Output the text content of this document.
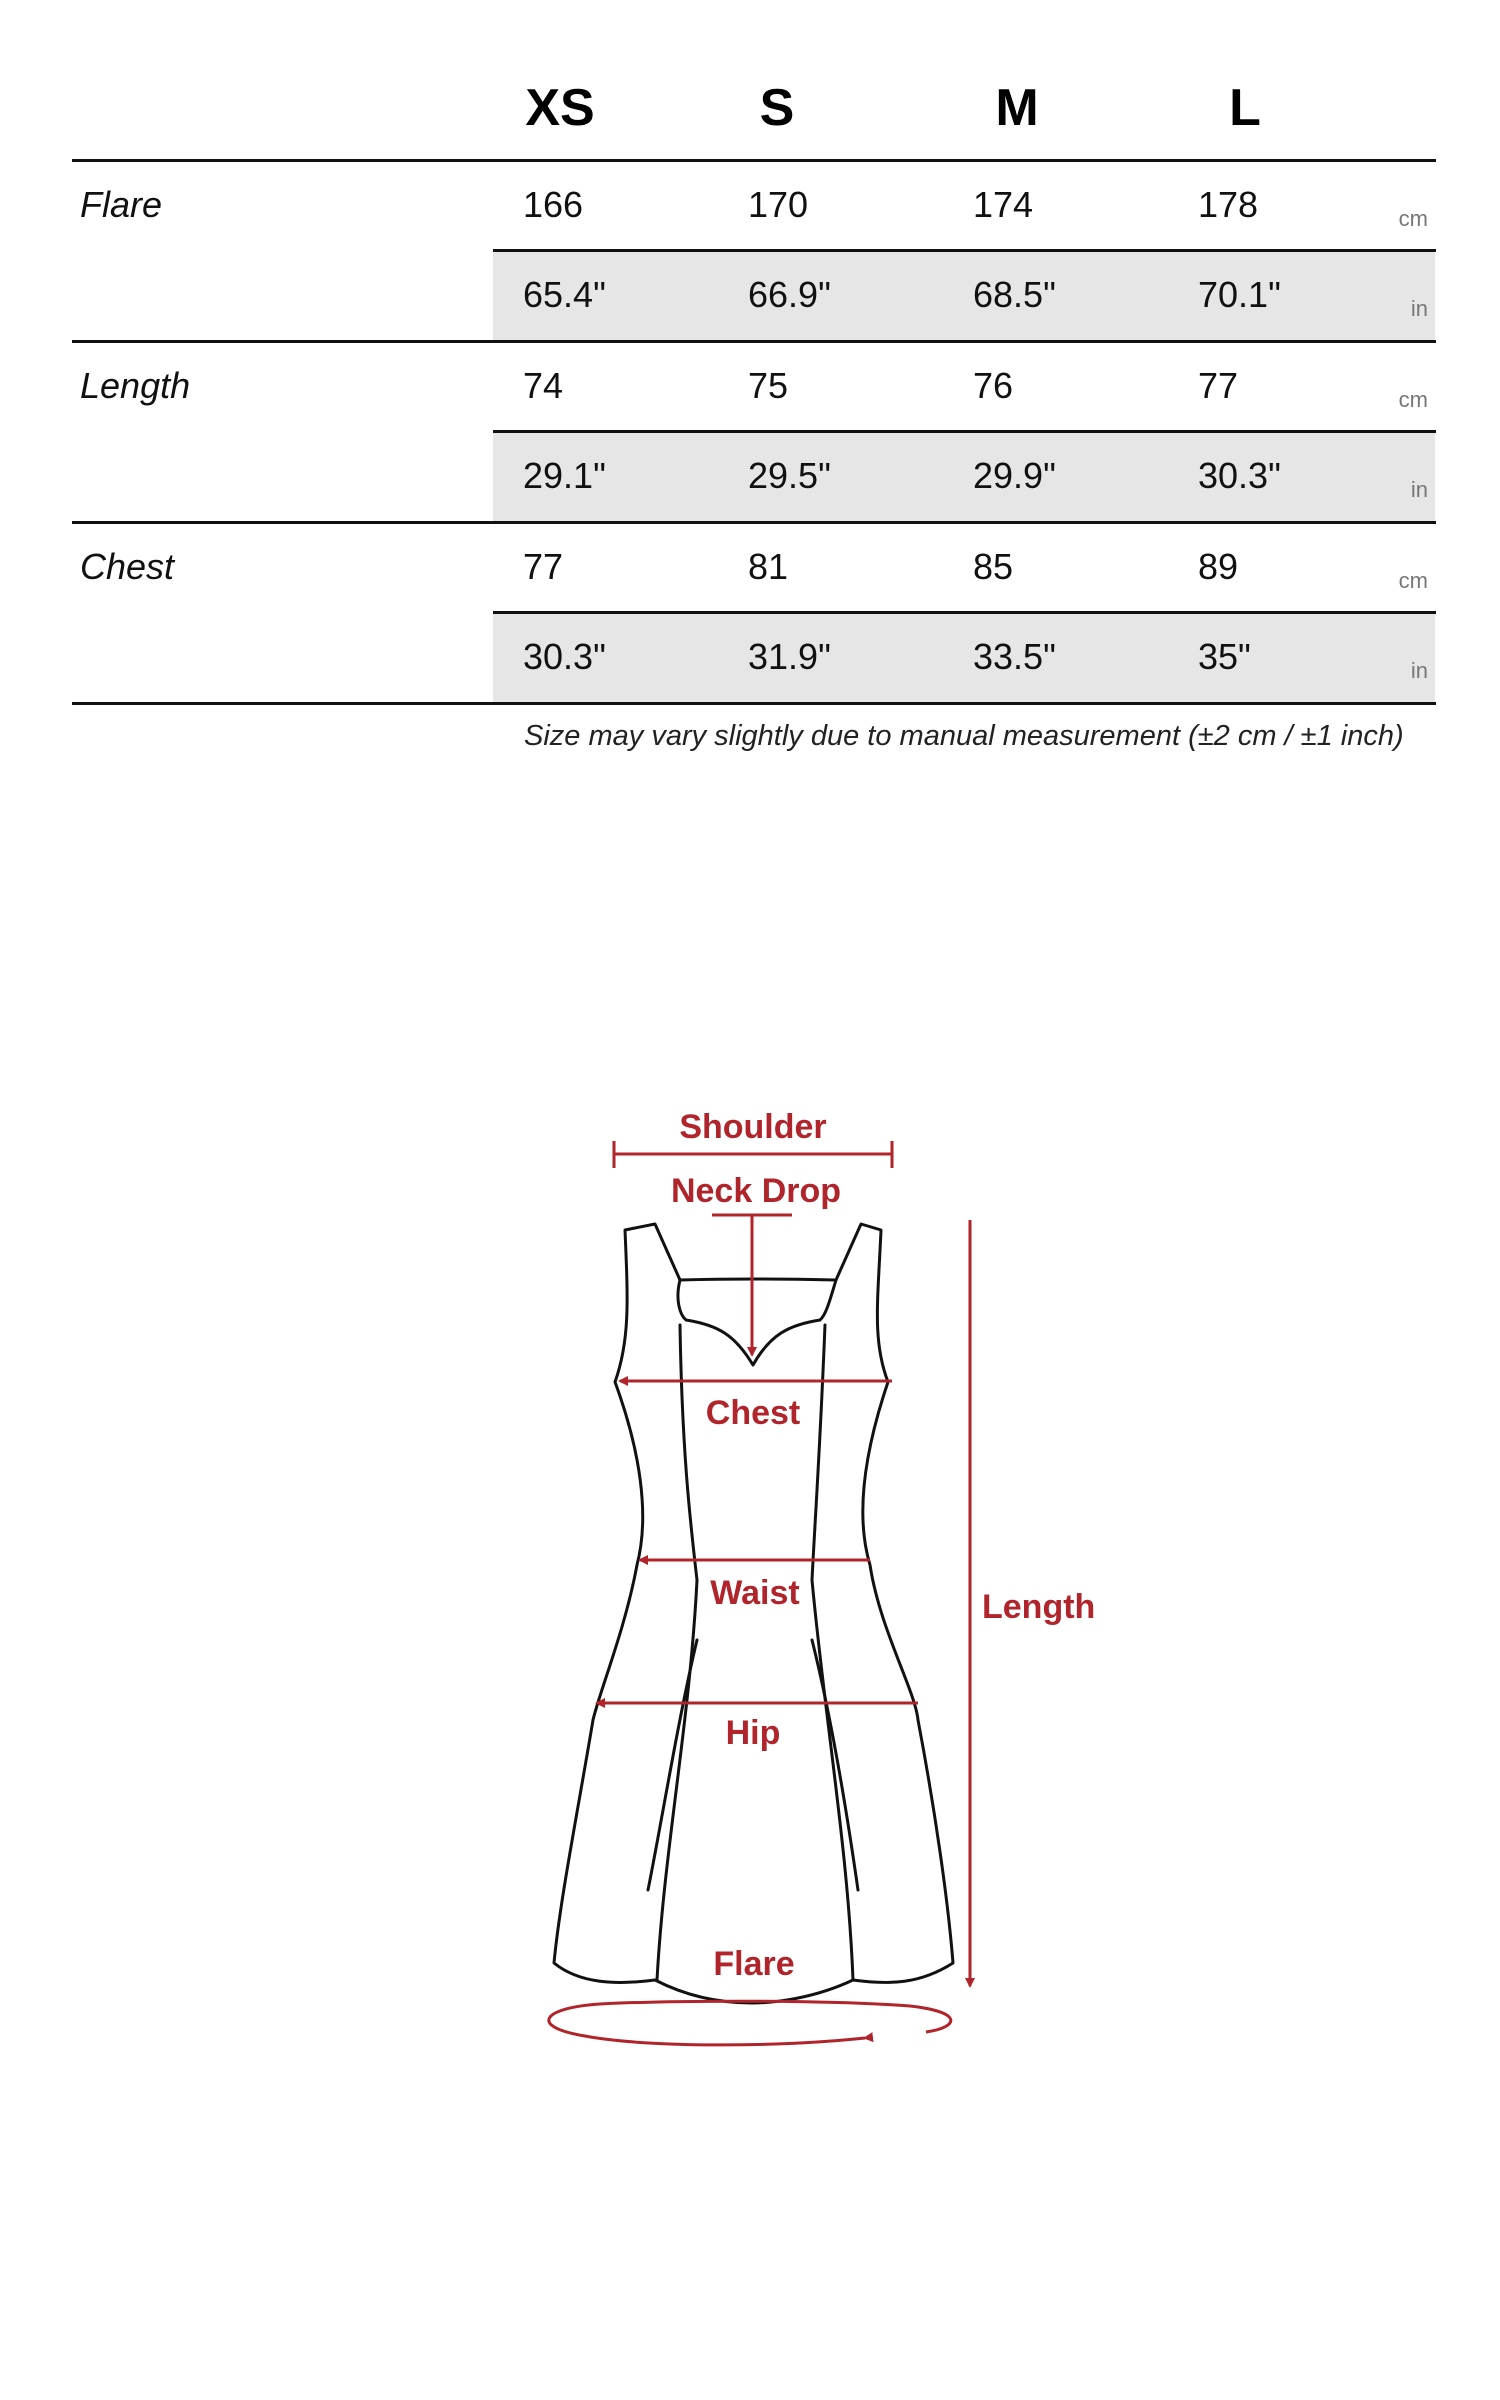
XS	S	M	L
Flare	166	170	174	178	cm
65.4"	66.9"	68.5"	70.1"	in
Length	74	75	76	77	cm
29.1"	29.5"	29.9"	30.3"	in
Chest	77	81	85	89	cm
30.3"	31.9"	33.5"	35"	in
Size may vary slightly due to manual measurement (±2 cm / ±1 inch)
Shoulder
Neck Drop
Chest
Waist
Hip
Length
Flare
